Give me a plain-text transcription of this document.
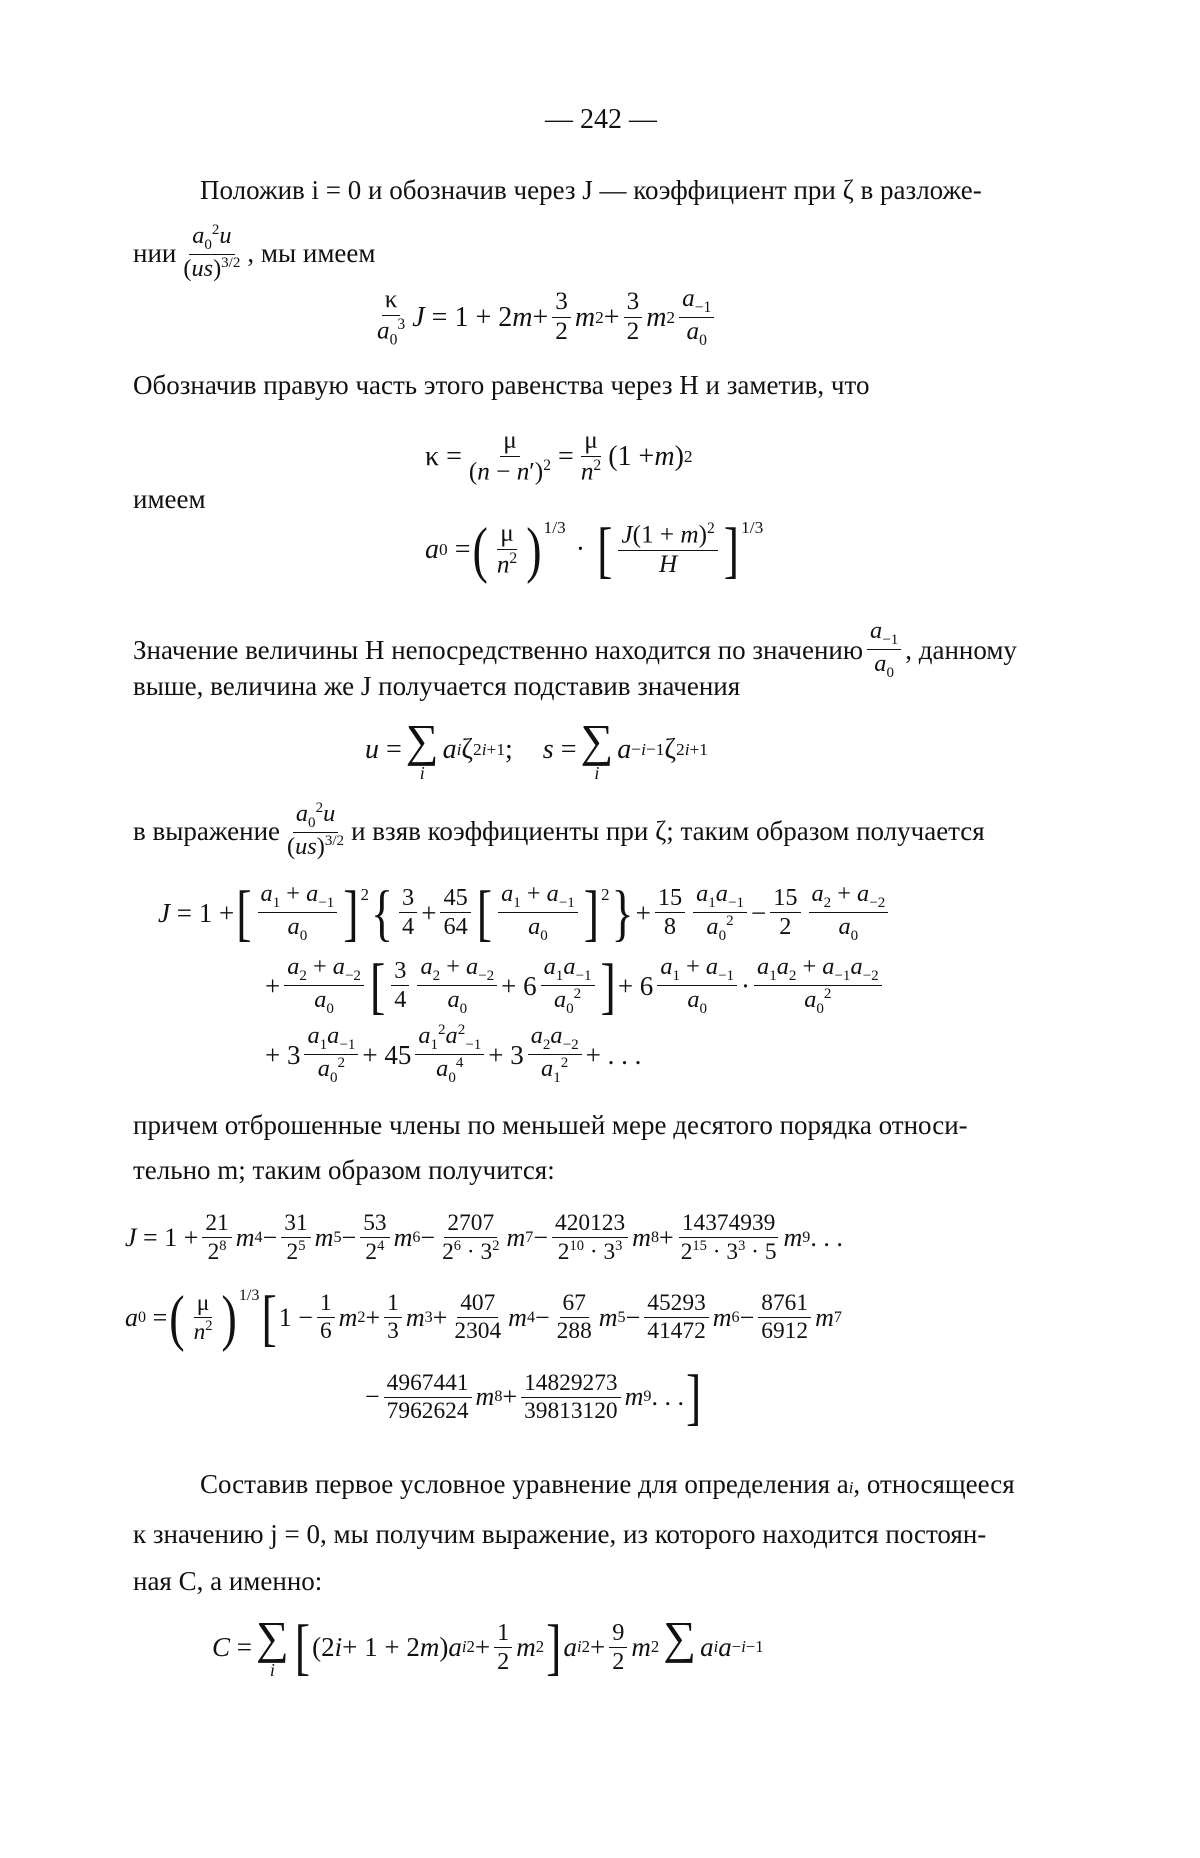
— 242 —
Положив i = 0 и обозначив через J — коэффициент при ζ в разложе-
нии $\frac{a_0^2u}{(us)^{3/2}}$ , мы имеем
$\frac{\kappa}{a_0^3}$ J = 1 + 2 $m + \frac{3}{2}$ m $2 + \frac{3}{2}$ m $2 \frac{a_{-1}}{a_0}$
Обозначив правую часть этого равенства через H и заметив, что
$\kappa = \frac{\mu}{(n - n')^2} = \frac{\mu}{n^2} (1 + m$ ) 2
имеем
a 0 = ( $\frac{\mu}{n^2} )^{1/3}$
· [ $\frac{J(1 + m)^2}{H} ]^{1/3}$
Значение величины H непосредственно находится по значению $\frac{a_{-1}}{a_0}$ , данному
выше, величина же J получается подставив значения
u = ∑
i
a i ζ 2i+1 ; s = ∑
i
a −i−1 ζ 2i+1
в выражение $\frac{a_0^2u}{(us)^{3/2}}$ и взяв коэффициенты при ζ; таким образом получается
J = 1 + [ $\frac{a_1 + a_{-1}}{a_0} ]^2$ { $\frac{3}{4} + \frac{45}{64}$ [ $\frac{a_1 + a_{-1}}{a_0} ]^2$ } + $\frac{15}{8} \frac{a_1a_{-1}}{a_0^2} - \frac{15}{2} \frac{a_2 + a_{-2}}{a_0}$
+ $\frac{a_2 + a_{-2}}{a_0}$ [ $\frac{3}{4} \frac{a_2 + a_{-2}}{a_0} + 6 \frac{a_1a_{-1}}{a_0^2}$ ] + $6 \frac{a_1 + a_{-1}}{a_0} \cdot \frac{a_1a_2 + a_{-1}a_{-2}}{a_0^2}$
+ $3 \frac{a_1a_{-1}}{a_0^2} + 45 \frac{a_1^2a^2_{-1}}{a_0^4} + 3 \frac{a_2a_{-2}}{a_1^2}$ + . . .
причем отброшенные члены по меньшей мере десятого порядка относи-
тельно m; таким образом получится:
$J = 1 + \frac{21}{2^8}$ m $4 - \frac{31}{2^5}$ m $5 - \frac{53}{2^4}$ m $6 - \frac{2707}{2^6 \cdot 3^2}$ m $7 - \frac{420123}{2^{10} \cdot 3^3}$ m $8 + \frac{14374939}{2^{15} \cdot 3^3 \cdot 5}$ m 9 . . .
a 0 = ( $\frac{\mu}{n^2} )^{1/3}$ [ $1 - \frac{1}{6}$ m $2 + \frac{1}{3}$ m $3 + \frac{407}{2304}$ m $4 - \frac{67}{288}$ m $5 - \frac{45293}{41472}$ m $6 - \frac{8761}{6912}$ m 7
− $\frac{4967441}{7962624}$ m $8 + \frac{14829273}{39813120}$ m 9 . . . ]
Составив первое условное уравнение для определения a i , относящееся
к значению j = 0, мы получим выражение, из которого находится постоян-
ная C, а именно:
C = ∑
i [ (2 i + 1 + 2 m ) a i $2 + \frac{1}{2}$ m 2 ] a i $2 + \frac{9}{2}$ m 2 ∑
a i a −i−1
